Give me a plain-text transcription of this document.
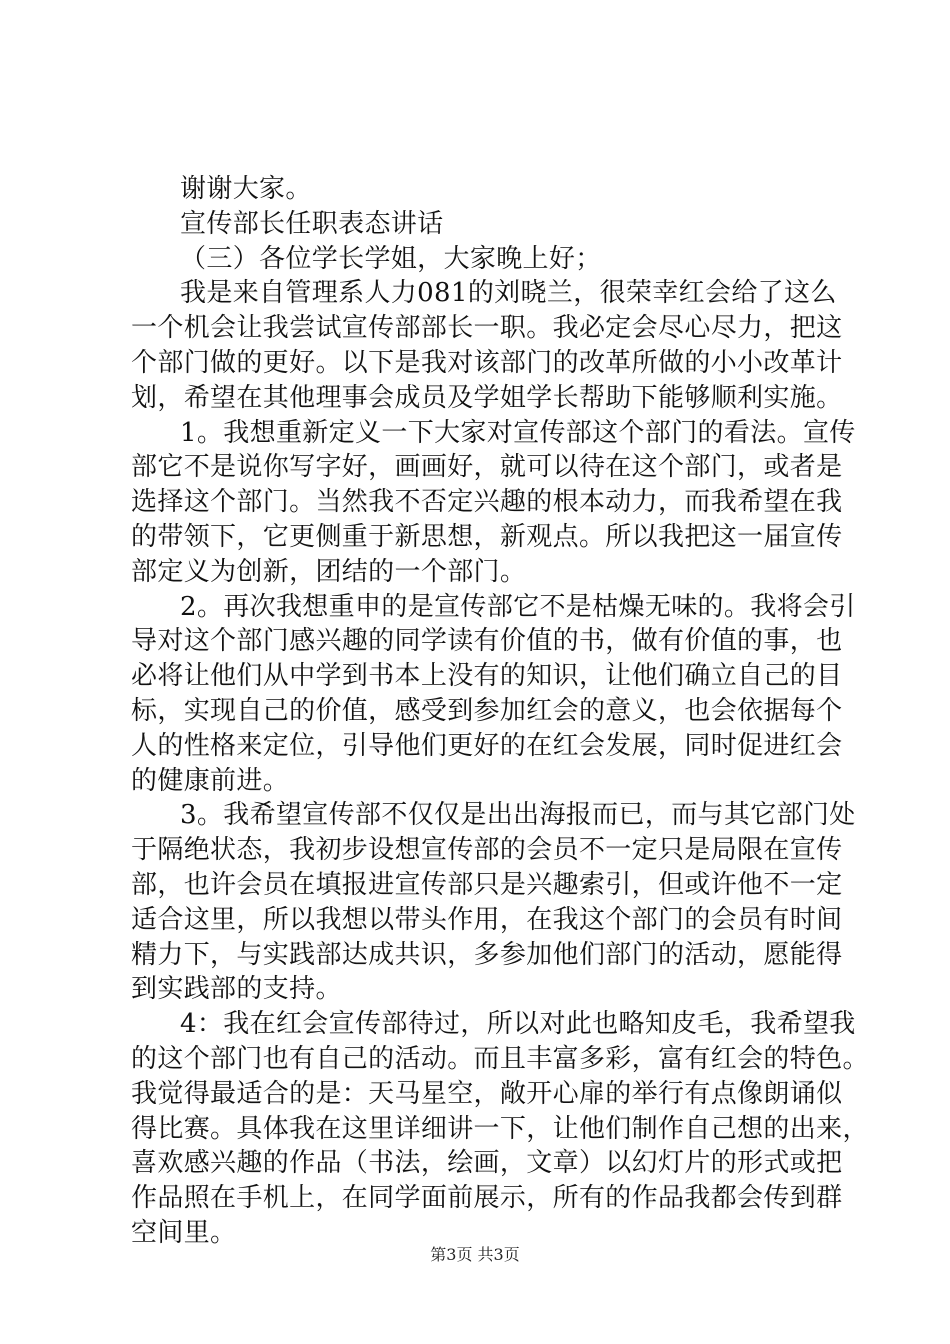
谢谢大家。
宣传部长任职表态讲话
（三）各位学长学姐，大家晚上好；
我是来自管理系人力081的刘晓兰，很荣幸红会给了这么
一个机会让我尝试宣传部部长一职。我必定会尽心尽力，把这
个部门做的更好。以下是我对该部门的改革所做的小小改革计
划，希望在其他理事会成员及学姐学长帮助下能够顺利实施。
1。我想重新定义一下大家对宣传部这个部门的看法。宣传
部它不是说你写字好，画画好，就可以待在这个部门，或者是
选择这个部门。当然我不否定兴趣的根本动力，而我希望在我
的带领下，它更侧重于新思想，新观点。所以我把这一届宣传
部定义为创新，团结的一个部门。
2。再次我想重申的是宣传部它不是枯燥无味的。我将会引
导对这个部门感兴趣的同学读有价值的书，做有价值的事，也
必将让他们从中学到书本上没有的知识，让他们确立自己的目
标，实现自己的价值，感受到参加红会的意义，也会依据每个
人的性格来定位，引导他们更好的在红会发展，同时促进红会
的健康前进。
3。我希望宣传部不仅仅是出出海报而已，而与其它部门处
于隔绝状态，我初步设想宣传部的会员不一定只是局限在宣传
部，也许会员在填报进宣传部只是兴趣索引，但或许他不一定
适合这里，所以我想以带头作用，在我这个部门的会员有时间
精力下，与实践部达成共识，多参加他们部门的活动，愿能得
到实践部的支持。
4：我在红会宣传部待过，所以对此也略知皮毛，我希望我
的这个部门也有自己的活动。而且丰富多彩，富有红会的特色。
我觉得最适合的是：天马星空，敞开心扉的举行有点像朗诵似
得比赛。具体我在这里详细讲一下，让他们制作自己想的出来，
喜欢感兴趣的作品（书法，绘画，文章）以幻灯片的形式或把
作品照在手机上，在同学面前展示，所有的作品我都会传到群
空间里。

第3页 共3页
